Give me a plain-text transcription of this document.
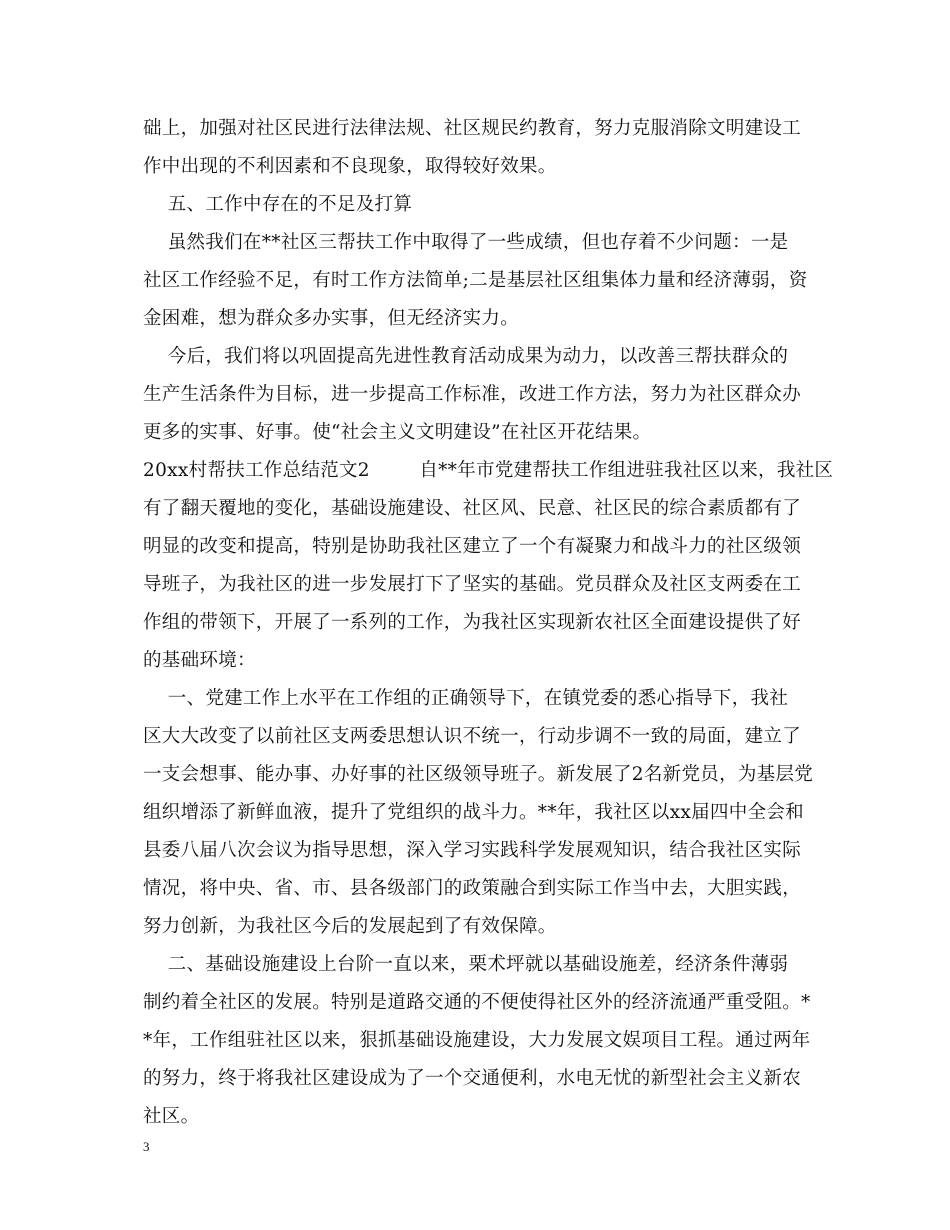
础上，加强对社区民进行法律法规、社区规民约教育，努力克服消除文明建设工
作中出现的不利因素和不良现象，取得较好效果。
五、工作中存在的不足及打算
虽然我们在**社区三帮扶工作中取得了一些成绩，但也存着不少问题：一是
社区工作经验不足，有时工作方法简单;二是基层社区组集体力量和经济薄弱，资
金困难，想为群众多办实事，但无经济实力。
今后，我们将以巩固提高先进性教育活动成果为动力，以改善三帮扶群众的
生产生活条件为目标，进一步提高工作标准，改进工作方法，努力为社区群众办
更多的实事、好事。使“社会主义文明建设”在社区开花结果。
20xx村帮扶工作总结范文2        自**年市党建帮扶工作组进驻我社区以来，我社区
有了翻天覆地的变化，基础设施建设、社区风、民意、社区民的综合素质都有了
明显的改变和提高，特别是协助我社区建立了一个有凝聚力和战斗力的社区级领
导班子，为我社区的进一步发展打下了坚实的基础。党员群众及社区支两委在工
作组的带领下，开展了一系列的工作，为我社区实现新农社区全面建设提供了好
的基础环境：
一、党建工作上水平在工作组的正确领导下，在镇党委的悉心指导下，我社
区大大改变了以前社区支两委思想认识不统一，行动步调不一致的局面，建立了
一支会想事、能办事、办好事的社区级领导班子。新发展了2名新党员，为基层党
组织增添了新鲜血液，提升了党组织的战斗力。**年，我社区以xx届四中全会和
县委八届八次会议为指导思想，深入学习实践科学发展观知识，结合我社区实际
情况，将中央、省、市、县各级部门的政策融合到实际工作当中去，大胆实践，
努力创新，为我社区今后的发展起到了有效保障。
二、基础设施建设上台阶一直以来，栗术坪就以基础设施差，经济条件薄弱
制约着全社区的发展。特别是道路交通的不便使得社区外的经济流通严重受阻。*
*年，工作组驻社区以来，狠抓基础设施建设，大力发展文娱项目工程。通过两年
的努力，终于将我社区建设成为了一个交通便利，水电无忧的新型社会主义新农
社区。
3
